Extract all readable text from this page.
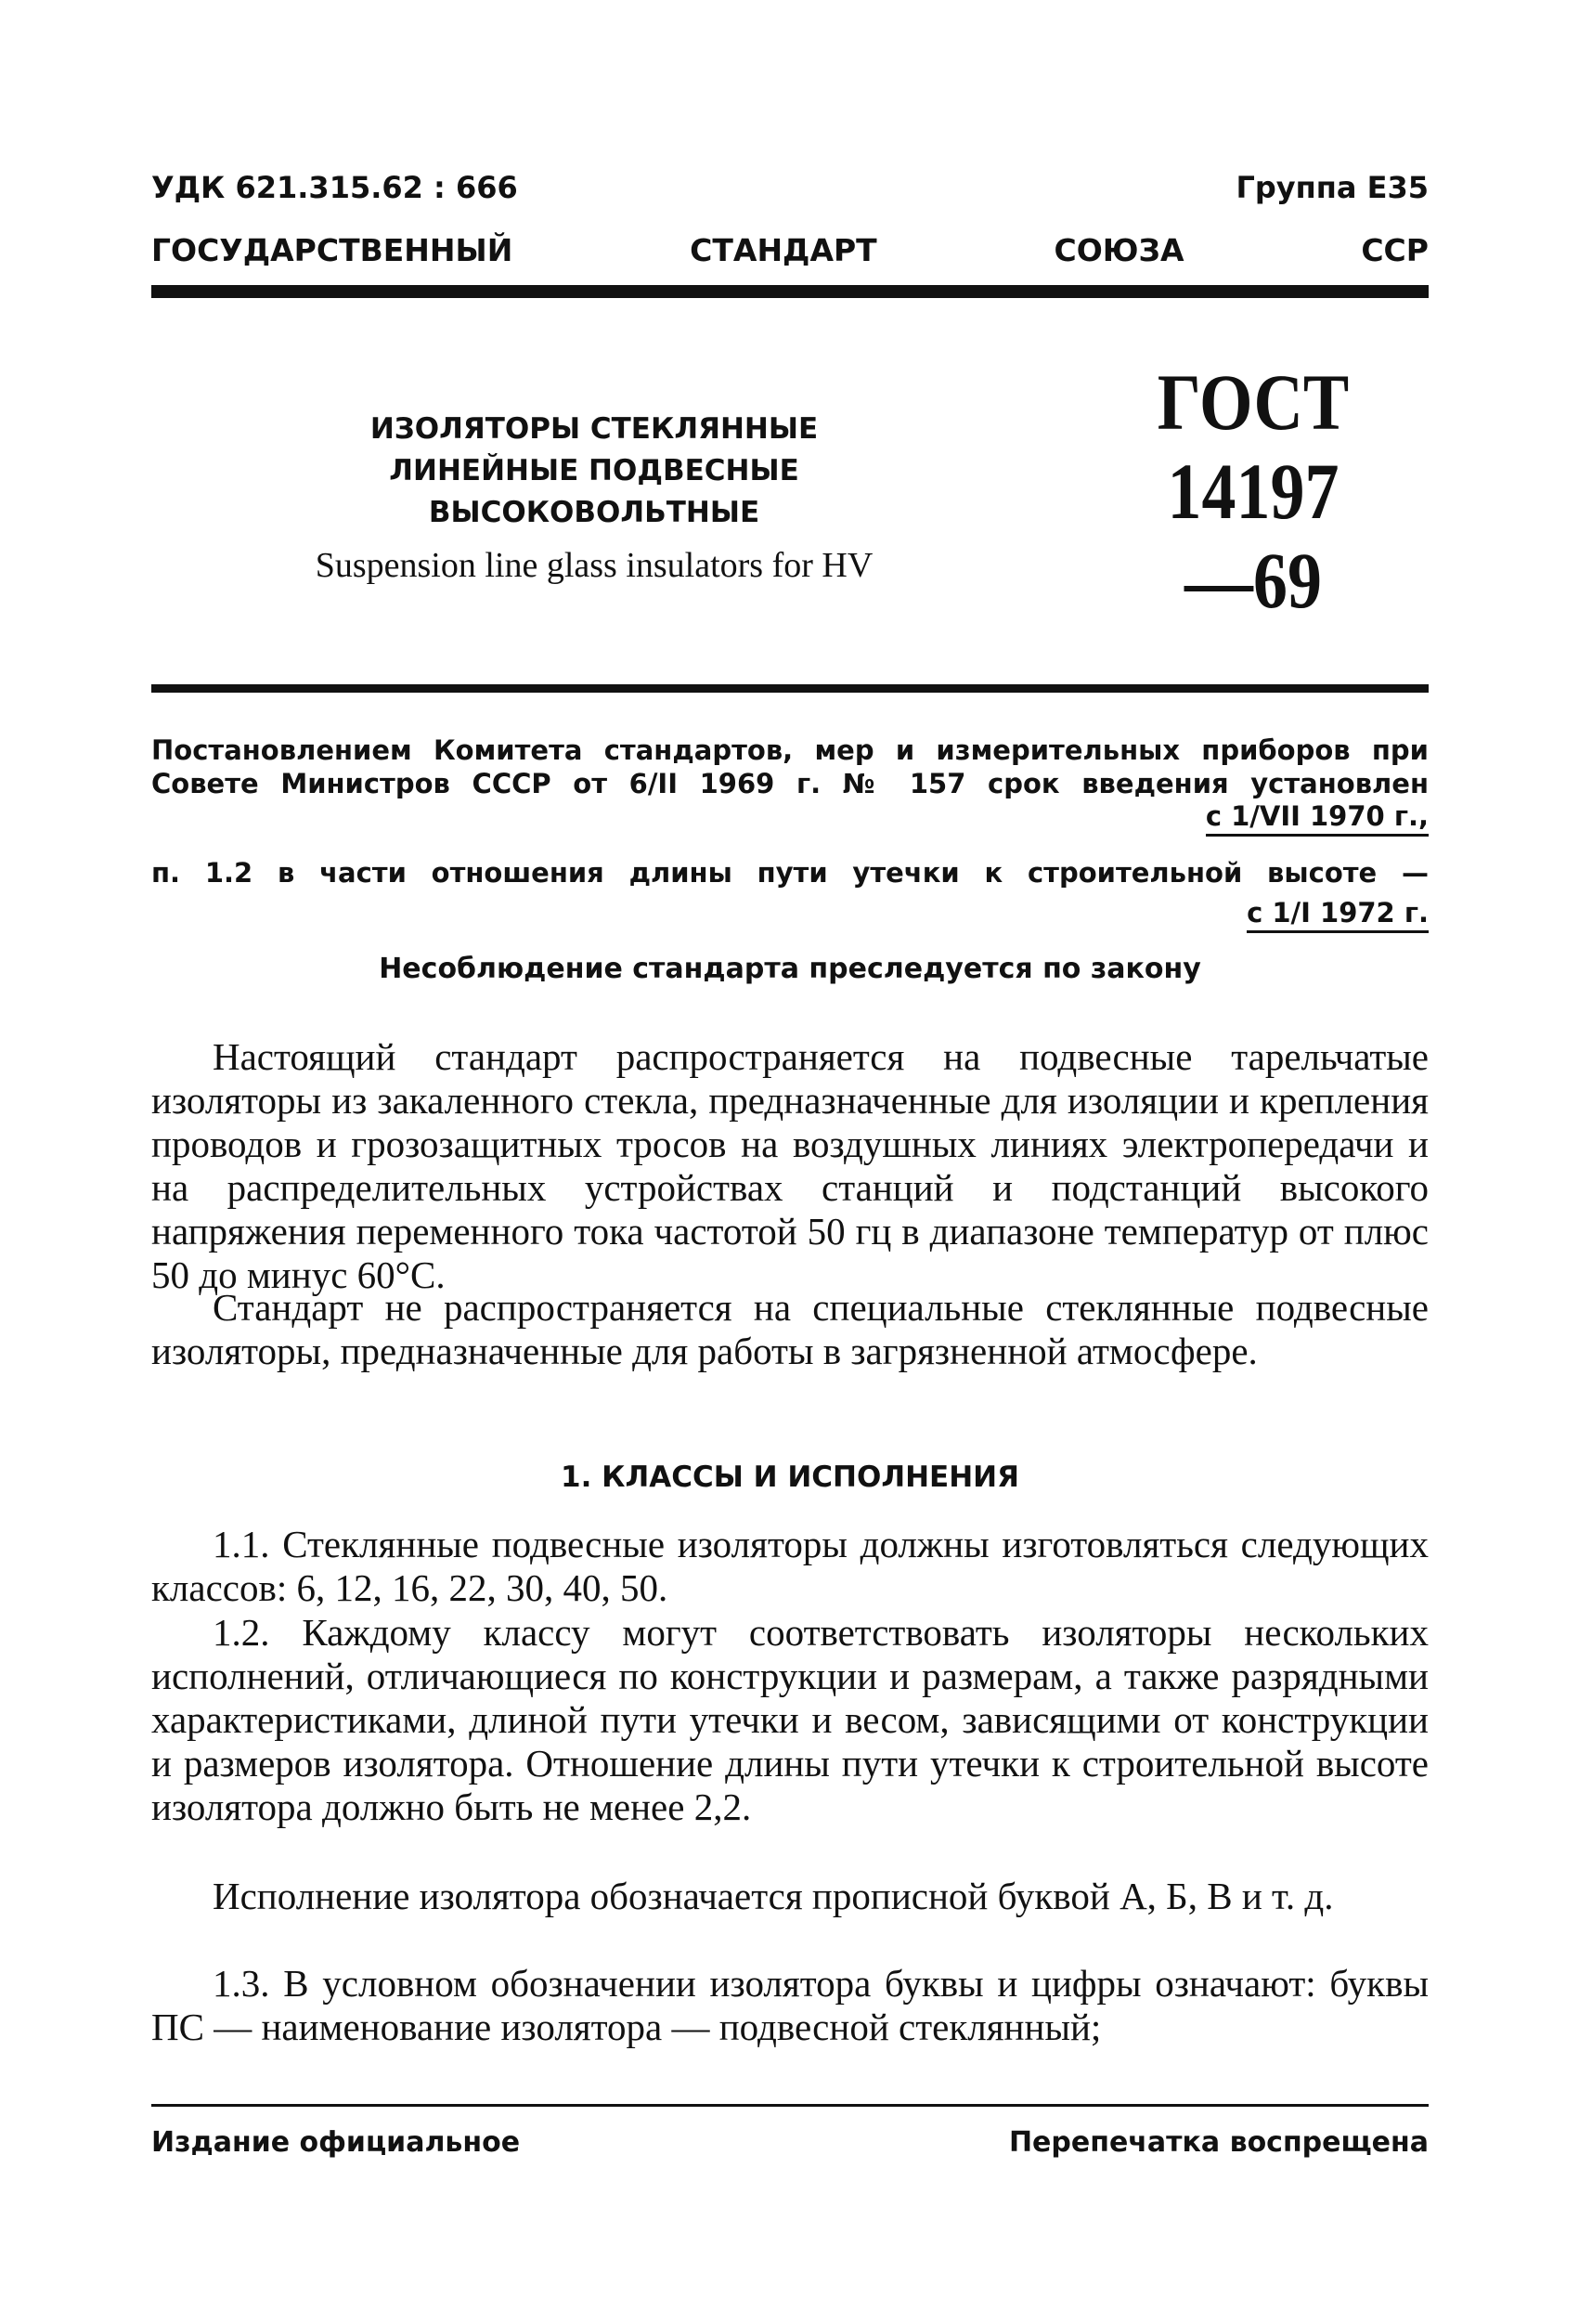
УДК 621.315.62 : 666	Группа Е35
ГОСУДАРСТВЕННЫЙ	СТАНДАРТ	СОЮЗА	ССР
ИЗОЛЯТОРЫ СТЕКЛЯННЫЕ
ЛИНЕЙНЫЕ ПОДВЕСНЫЕ
ВЫСОКОВОЛЬТНЫЕ
Suspension line glass insulators for HV
ГОСТ
14197—69
Постановлением Комитета стандартов, мер и измерительных приборов при
Совете Министров СССР от 6/II 1969 г. № 157 срок введения установлен
с 1/VII 1970 г.,
п. 1.2 в части отношения длины пути утечки к строительной высоте —
с 1/I 1972 г.
Несоблюдение стандарта преследуется по закону
Настоящий стандарт распространяется на подвесные тарельчатые изоляторы из закаленного стекла, предназначенные для изоляции и крепления проводов и грозозащитных тросов на воздушных линиях электропередачи и на распределительных устройствах станций и подстанций высокого напряжения переменного тока частотой 50 гц в диапазоне температур от плюс 50 до минус 60°С.
Стандарт не распространяется на специальные стеклянные подвесные изоляторы, предназначенные для работы в загрязненной атмосфере.
1. КЛАССЫ И ИСПОЛНЕНИЯ
1.1. Стеклянные подвесные изоляторы должны изготовляться следующих классов: 6, 12, 16, 22, 30, 40, 50.
1.2. Каждому классу могут соответствовать изоляторы нескольких исполнений, отличающиеся по конструкции и размерам, а также разрядными характеристиками, длиной пути утечки и весом, зависящими от конструкции и размеров изолятора. Отношение длины пути утечки к строительной высоте изолятора должно быть не менее 2,2.
Исполнение изолятора обозначается прописной буквой А, Б, В и т. д.
1.3. В условном обозначении изолятора буквы и цифры означают: буквы ПС — наименование изолятора — подвесной стеклянный;
Издание официальное	Перепечатка воспрещена
